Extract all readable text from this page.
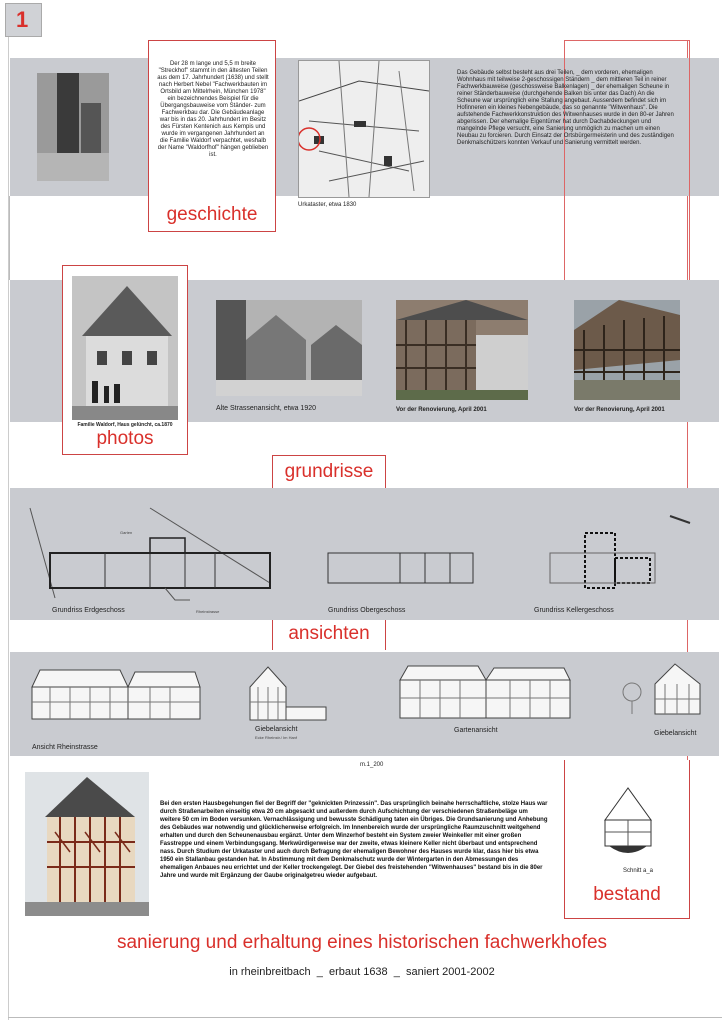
1
Der 28 m lange und 5,5 m breite "Streckhof" stammt in den ältesten Teilen aus dem 17. Jahrhundert (1638) und stellt nach Herbert Nebel "Fachwerkbauten im Ortsbild am Mittelrhein, München 1978" ein bezeichnendes Beispiel für die Übergangsbauweise vom Ständer- zum Fachwerkbau dar. Die Gebäudeanlage war bis in das 20. Jahrhundert im Besitz des Fürsten Kentenich aus Kempis und wurde im vergangenen Jahrhundert an die Familie Waldorf verpachtet, weshalb der Name "Waldorfhof" hängen geblieben ist.
geschichte	Urkataster, etwa 1830
Das Gebäude selbst besteht aus drei Teilen, _ dem vorderen, ehemaligen Wohnhaus mit teilweise 2-geschossigen Ständern _ dem mittleren Teil in reiner Fachwerkbauweise (geschossweise Balkenlagen) _ der ehemaligen Scheune in reiner Ständerbauweise (durchgehende Balken bis unter das Dach) An die Scheune war ursprünglich eine Stallung angebaut. Ausserdem befindet sich im Hofinneren ein kleines Nebengebäude, das so genannte "Witwenhaus". Die aufstehende Fachwerkkonstruktion des Witwenhauses wurde in den 80-er Jahren abgerissen. Der ehemalige Eigentümer hat durch Dachabdeckungen und mangelnde Pflege versucht, eine Sanierung unmöglich zu machen um einen Neubau zu forcieren. Durch Einsatz der Ortsbürgermeisterin und des zuständigen Denkmalschützers konnten Verkauf und Sanierung vermittelt werden.
Familie Waldorf, Haus gelüncht, ca.1870
photos
Alte Strassenansicht, etwa 1920	Vor der Renovierung, April 2001	Vor der Renovierung, April 2001
grundrisse
Rheinstrasse
Garten
Grundriss Erdgeschoss	Grundriss Obergeschoss	Grundriss Kellergeschoss
ansichten
Ansicht Rheinstrasse
Giebelansicht
Ecke Rheinstr./ Im Hanf
Gartenansicht	Giebelansicht
m.1_200
Bei den ersten Hausbegehungen fiel der Begriff der "geknickten Prinzessin". Das ursprünglich beinahe herrschaftliche, stolze Haus war durch Straßenarbeiten einseitig etwa 20 cm abgesackt und außerdem durch Aufschichtung der verschiedenen Straßenbeläge um weitere 50 cm im Boden versunken. Vernachlässigung und bewusste Schädigung taten ein Übriges. Die Grundsanierung und Anhebung des Gebäudes war notwendig und glücklicherweise erfolgreich. Im Innenbereich wurde der ursprüngliche Raumzuschnitt weitgehend erhalten und durch den Scheunenausbau ergänzt. Unter dem Winzerhof besteht ein System zweier Weinkeller mit einer großen Fasstreppe und einem Verbindungsgang. Merkwürdigerweise war der zweite, etwas kleinere Keller nicht überbaut und entsprechend nass. Durch Studium der Urkataster und auch durch Befragung der ehemaligen Bewohner des Hauses wurde klar, dass hier bis etwa 1950 ein Stallanbau gestanden hat. In Abstimmung mit dem Denkmalschutz wurde der Wintergarten in den Abmessungen des ehemaligen Anbaues neu errichtet und der Keller trockengelegt. Der Giebel des freistehenden "Witwenhauses" bestand bis in die 80er Jahre und wurde mit Ergänzung der Gaube originalgetreu wieder aufgebaut.
Schnitt a_a
bestand
sanierung und erhaltung eines historischen fachwerkhofes
in rheinbreitbach  _  erbaut 1638  _  saniert 2001-2002
